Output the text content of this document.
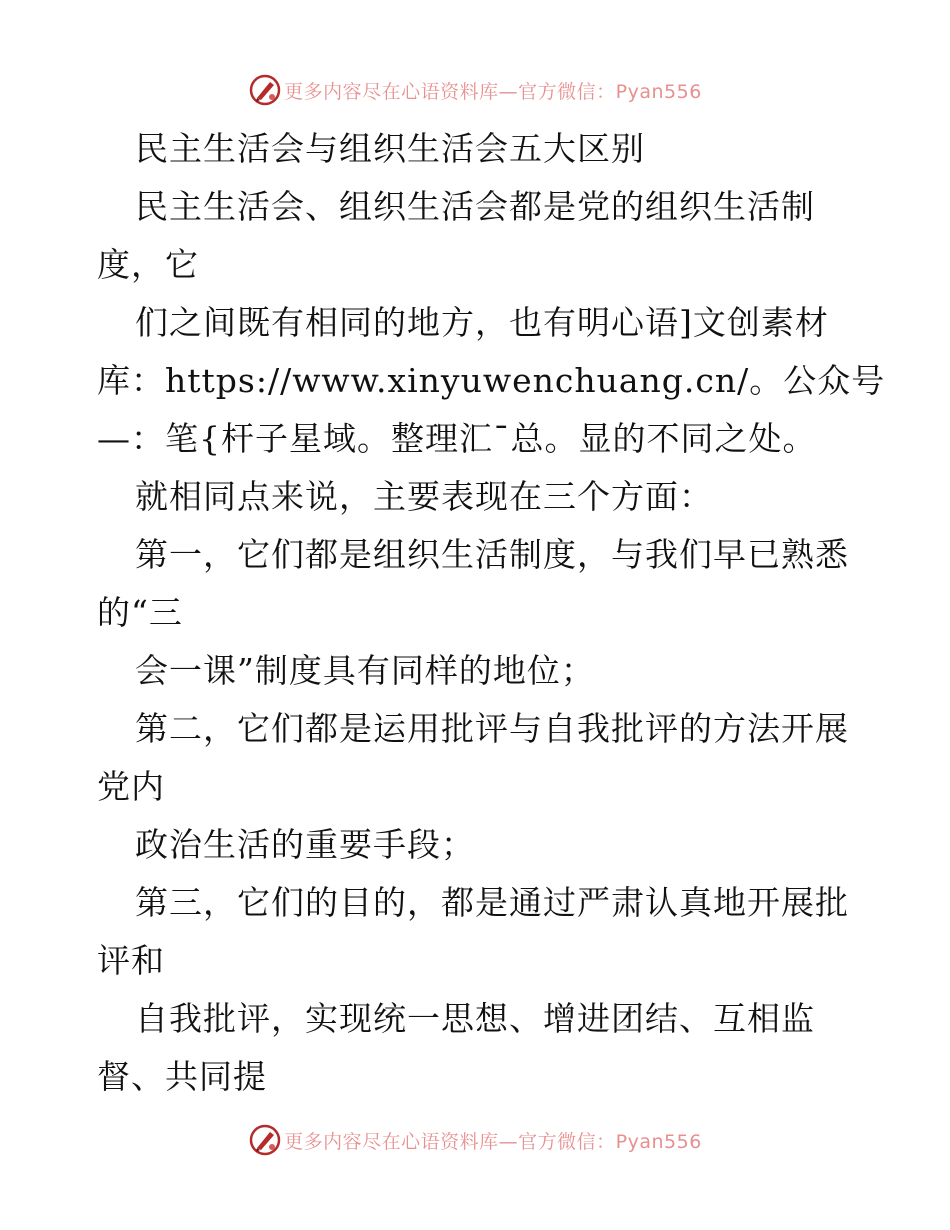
更多内容尽在心语资料库—官方微信：Pyan556

民主生活会与组织生活会五大区别

民主生活会、组织生活会都是党的组织生活制

度，它

们之间既有相同的地方，也有明心语]文创素材

库：https://www.xinyuwenchuang.cn/。公众号

—：笔{杆子星域。整理汇¯总。显的不同之处。

就相同点来说，主要表现在三个方面：

第一，它们都是组织生活制度，与我们早已熟悉

的“三

会一课”制度具有同样的地位；

第二，它们都是运用批评与自我批评的方法开展

党内

政治生活的重要手段；

第三，它们的目的，都是通过严肃认真地开展批

评和

自我批评，实现统一思想、增进团结、互相监

督、共同提

更多内容尽在心语资料库—官方微信：Pyan556
